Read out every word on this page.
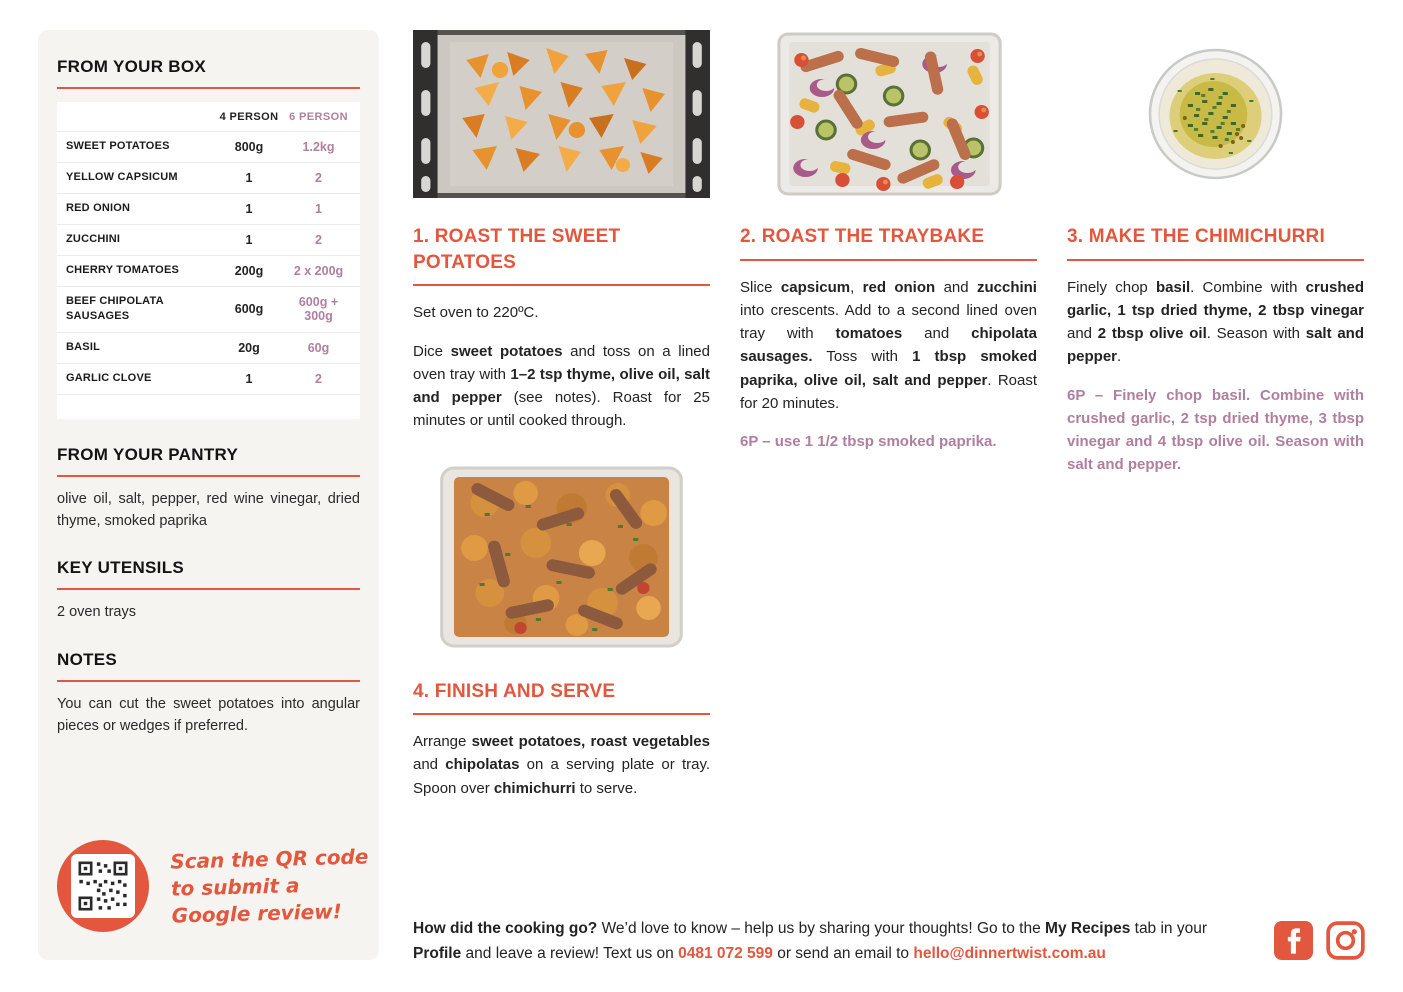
FROM YOUR BOX
4 PERSON 6 PERSON
SWEET POTATOES	800g	1.2kg
YELLOW CAPSICUM	1	2
RED ONION	1	1
ZUCCHINI	1	2
CHERRY TOMATOES	200g	2 x 200g
BEEF CHIPOLATA SAUSAGES	600g	600g + 300g
BASIL	20g	60g
GARLIC CLOVE	1	2
FROM YOUR PANTRY
olive oil, salt, pepper, red wine vinegar, dried thyme, smoked paprika
KEY UTENSILS
2 oven trays
NOTES
You can cut the sweet potatoes into angular pieces or wedges if preferred.
Scan the QR code to submit a Google review!
1. ROAST THE SWEET POTATOES

Set oven to 220ºC.

Dice sweet potatoes and toss on a lined oven tray with 1–2 tsp thyme, olive oil, salt and pepper (see notes). Roast for 25 minutes or until cooked through.

4. FINISH AND SERVE

Arrange sweet potatoes, roast vegetables and chipolatas on a serving plate or tray. Spoon over chimichurri to serve.

2. ROAST THE TRAYBAKE

Slice capsicum, red onion and zucchini into crescents. Add to a second lined oven tray with tomatoes and chipolata sausages. Toss with 1 tbsp smoked paprika, olive oil, salt and pepper. Roast for 20 minutes.

6P – use 1 1/2 tbsp smoked paprika.

3. MAKE THE CHIMICHURRI

Finely chop basil. Combine with crushed garlic, 1 tsp dried thyme, 2 tbsp vinegar and 2 tbsp olive oil. Season with salt and pepper.

6P – Finely chop basil. Combine with crushed garlic, 2 tsp dried thyme, 3 tbsp vinegar and 4 tbsp olive oil. Season with salt and pepper.

How did the cooking go? We’d love to know – help us by sharing your thoughts! Go to the My Recipes tab in your Profile and leave a review! Text us on 0481 072 599 or send an email to hello@dinnertwist.com.au
